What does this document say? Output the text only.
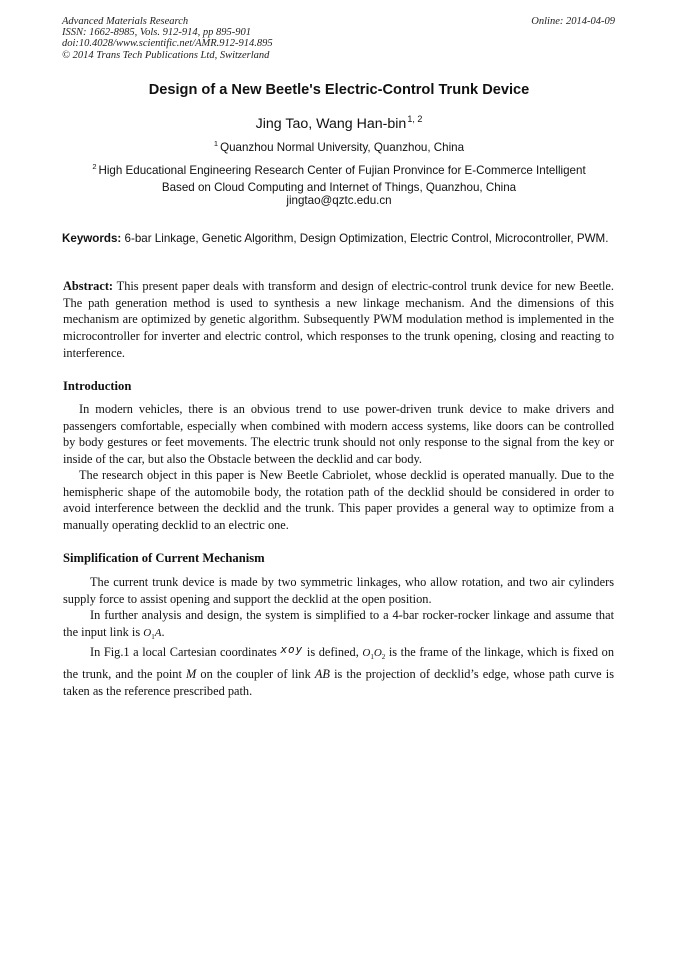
Advanced Materials Research
ISSN: 1662-8985, Vols. 912-914, pp 895-901
doi:10.4028/www.scientific.net/AMR.912-914.895
© 2014 Trans Tech Publications Ltd, Switzerland
Online: 2014-04-09
Design of a New Beetle's Electric-Control Trunk Device
Jing Tao, Wang Han-bin$^{1, 2}$
$^1$ Quanzhou Normal University, Quanzhou, China
$^2$ High Educational Engineering Research Center of Fujian Pronvince for E-Commerce Intelligent
Based on Cloud Computing and Internet of Things, Quanzhou, China
jingtao@qztc.edu.cn
Keywords: 6-bar Linkage, Genetic Algorithm, Design Optimization, Electric Control, Microcontroller, PWM.
Abstract: This present paper deals with transform and design of electric-control trunk device for new Beetle. The path generation method is used to synthesis a new linkage mechanism. And the dimensions of this mechanism are optimized by genetic algorithm. Subsequently PWM modulation method is implemented in the microcontroller for inverter and electric control, which responses to the trunk opening, closing and reacting to interference.
Introduction
In modern vehicles, there is an obvious trend to use power-driven trunk device to make drivers and passengers comfortable, especially when combined with modern access systems, like doors can be controlled by body gestures or feet movements. The electric trunk should not only response to the signal from the key or inside of the car, but also the Obstacle between the decklid and car body.
The research object in this paper is New Beetle Cabriolet, whose decklid is operated manually. Due to the hemispheric shape of the automobile body, the rotation path of the decklid should be considered in order to avoid interference between the decklid and the trunk. This paper provides a general way to optimize from a manually operating decklid to an electric one.
Simplification of Current Mechanism
The current trunk device is made by two symmetric linkages, who allow rotation, and two air cylinders supply force to assist opening and support the decklid at the open position.
In further analysis and design, the system is simplified to a 4-bar rocker-rocker linkage and assume that the input link is $O_1A$.
In Fig.1 a local Cartesian coordinates xoy is defined, $O_1O_2$ is the frame of the linkage, which is fixed on the trunk, and the point M on the coupler of link AB is the projection of decklid’s edge, whose path curve is taken as the reference prescribed path.
